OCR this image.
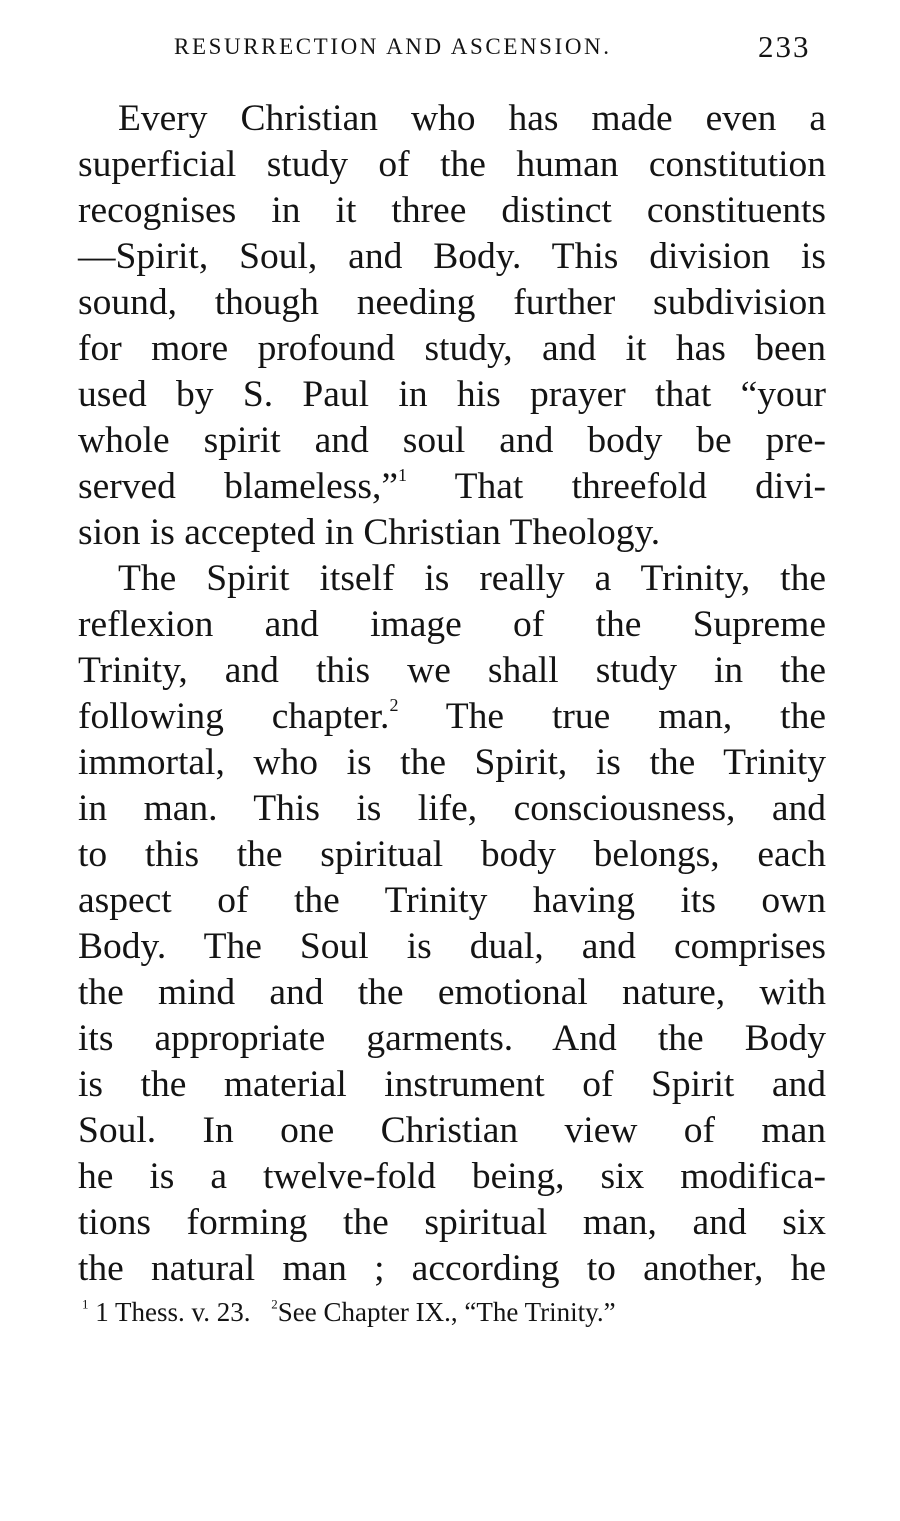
RESURRECTION AND ASCENSION.	233
Every Christian who has made even a
superficial study of the human constitution
recognises in it three distinct constituents
—Spirit, Soul, and Body. This division is
sound, though needing further subdivision
for more profound study, and it has been
used by S. Paul in his prayer that “your
whole spirit and soul and body be pre-
served blameless,”$^1$ That threefold divi-
sion is accepted in Christian Theology.
The Spirit itself is really a Trinity, the
reflexion and image of the Supreme
Trinity, and this we shall study in the
following chapter.$^2$ The true man, the
immortal, who is the Spirit, is the Trinity
in man. This is life, consciousness, and
to this the spiritual body belongs, each
aspect of the Trinity having its own
Body. The Soul is dual, and comprises
the mind and the emotional nature, with
its appropriate garments. And the Body
is the material instrument of Spirit and
Soul. In one Christian view of man
he is a twelve-fold being, six modifica-
tions forming the spiritual man, and six
the natural man ; according to another, he
$^1$ 1 Thess. v. 23. $^2$See Chapter IX., “The Trinity.”
